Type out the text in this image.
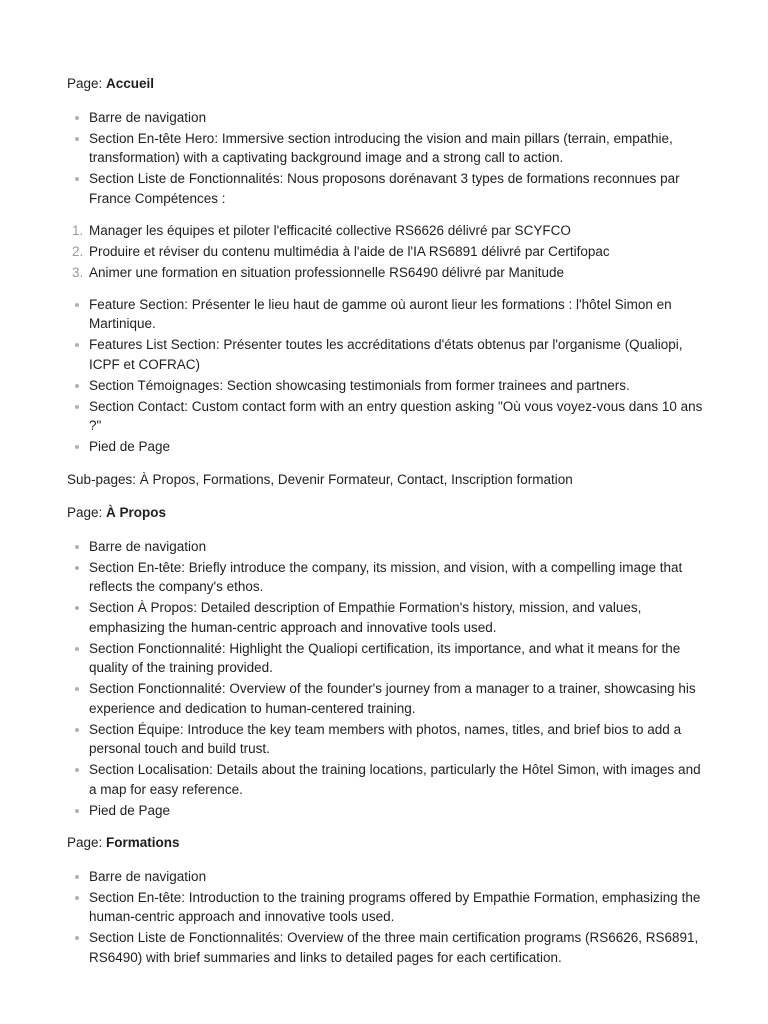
Page: Accueil

Barre de navigation
Section En-tête Hero: Immersive section introducing the vision and main pillars (terrain, empathie, transformation) with a captivating background image and a strong call to action.
Section Liste de Fonctionnalités: Nous proposons dorénavant 3 types de formations reconnues par France Compétences :
1. Manager les équipes et piloter l'efficacité collective RS6626 délivré par SCYFCO
2. Produire et réviser du contenu multimédia à l'aide de l'IA RS6891 délivré par Certifopac
3. Animer une formation en situation professionnelle RS6490 délivré par Manitude
Feature Section: Présenter le lieu haut de gamme où auront lieur les formations : l'hôtel Simon en Martinique.
Features List Section: Présenter toutes les accréditations d'états obtenus par l'organisme (Qualiopi, ICPF et COFRAC)
Section Témoignages: Section showcasing testimonials from former trainees and partners.
Section Contact: Custom contact form with an entry question asking "Où vous voyez-vous dans 10 ans ?"
Pied de Page

Sub-pages: À Propos, Formations, Devenir Formateur, Contact, Inscription formation

Page: À Propos

Barre de navigation
Section En-tête: Briefly introduce the company, its mission, and vision, with a compelling image that reflects the company's ethos.
Section À Propos: Detailed description of Empathie Formation's history, mission, and values, emphasizing the human-centric approach and innovative tools used.
Section Fonctionnalité: Highlight the Qualiopi certification, its importance, and what it means for the quality of the training provided.
Section Fonctionnalité: Overview of the founder's journey from a manager to a trainer, showcasing his experience and dedication to human-centered training.
Section Équipe: Introduce the key team members with photos, names, titles, and brief bios to add a personal touch and build trust.
Section Localisation: Details about the training locations, particularly the Hôtel Simon, with images and a map for easy reference.
Pied de Page

Page: Formations

Barre de navigation
Section En-tête: Introduction to the training programs offered by Empathie Formation, emphasizing the human-centric approach and innovative tools used.
Section Liste de Fonctionnalités: Overview of the three main certification programs (RS6626, RS6891, RS6490) with brief summaries and links to detailed pages for each certification.
